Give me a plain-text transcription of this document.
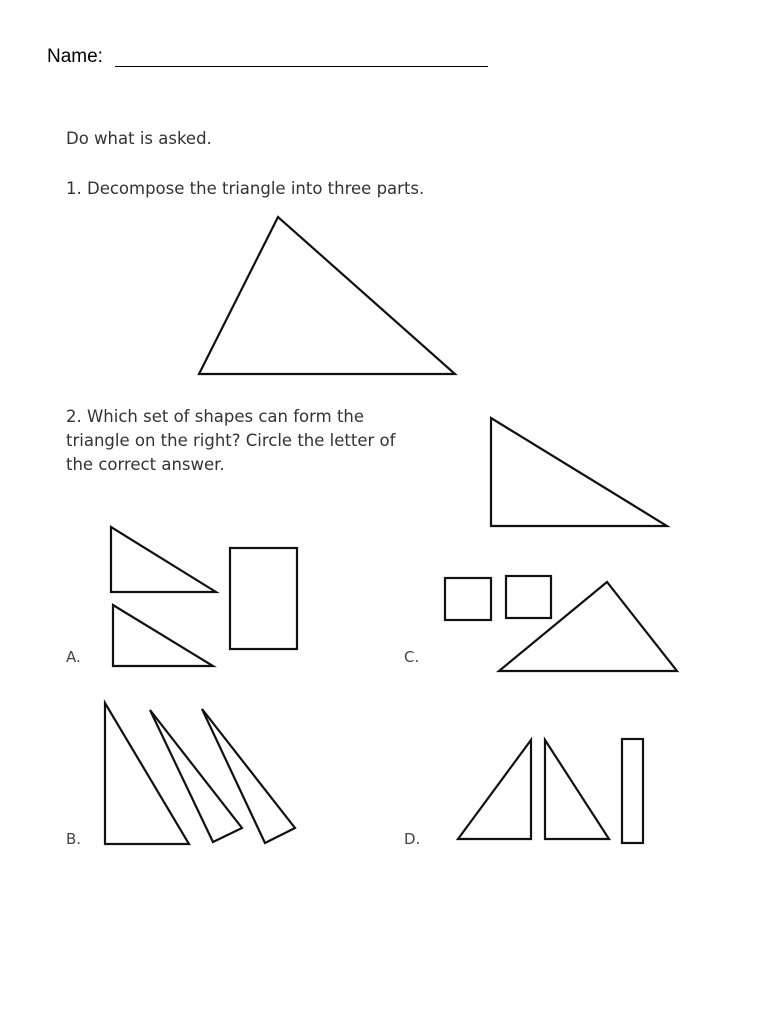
Name:
Do what is asked.
1. Decompose the triangle into three parts.
2. Which set of shapes can form the
triangle on the right? Circle the letter of
the correct answer.
A.	C.
B.	D.
